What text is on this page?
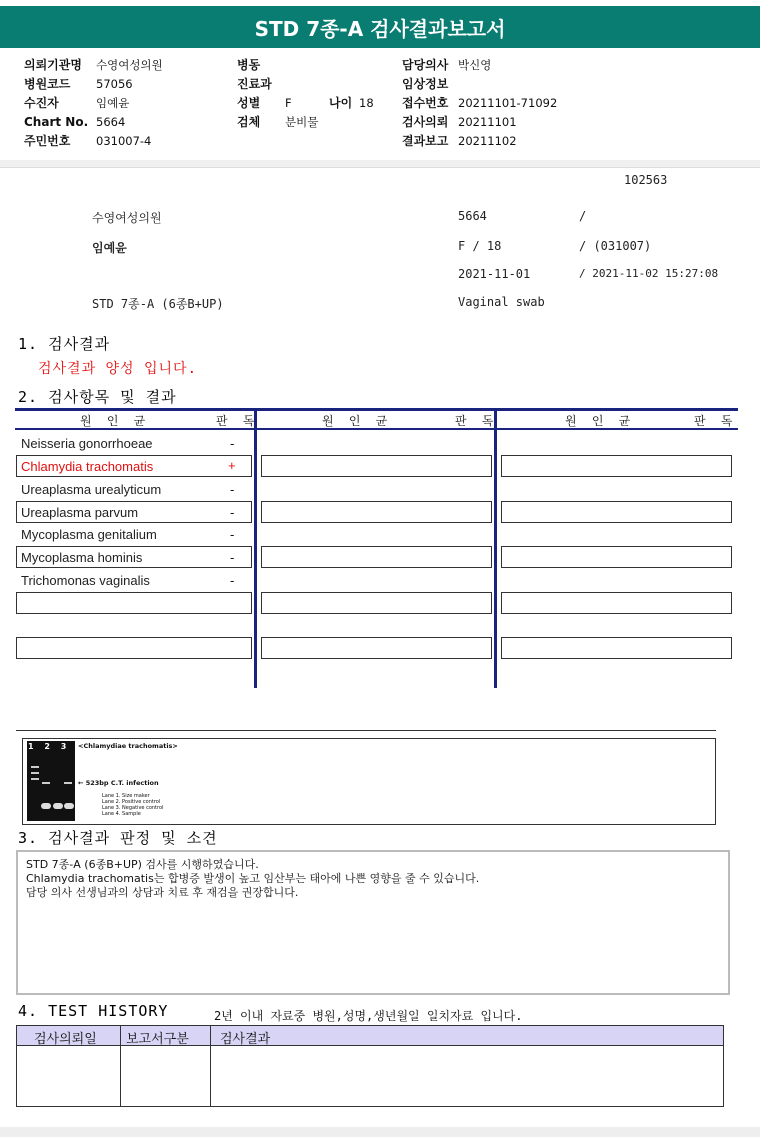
STD 7종-A 검사결과보고서
의뢰기관명 수영여성의원
병원코드 57056
수진자	임예윤
Chart No. 5664
주민번호 031007-4
병동
진료과
성별 F	나이 18
검체 분비물
담당의사 박신영
임상정보
접수번호 20211101-71092
검사의뢰 20211101
결과보고 20211102
102563
수영여성의원	5664	/
임예윤	F / 18	/ (031007)
2021-11-01	/ 2021-11-02 15:27:08
STD 7종-A (6종B+UP)	Vaginal swab
1. 검사결과
검사결과 양성 입니다.
2. 검사항목 및 결과
원 인 균	판 독	원 인 균	판 독	원 인 균	판 독
Neisseria gonorrhoeae	-
Chlamydia trachomatis	+
Ureaplasma urealyticum	-
Ureaplasma parvum	-
Mycoplasma genitalium	-
Mycoplasma hominis	-
Trichomonas vaginalis	-
1 2 3 4
<Chlamydiae trachomatis>
← 523bp C.T. infection
Lane 1. Size maker
Lane 2. Positive control
Lane 3. Negative control
Lane 4. Sample
3. 검사결과 판정 및 소견
STD 7종-A (6종B+UP) 검사를 시행하였습니다.
Chlamydia trachomatis는 합병증 발생이 높고 임산부는 태아에 나쁜 영향을 줄 수 있습니다.
담당 의사 선생님과의 상담과 치료 후 재검을 권장합니다.
4. TEST HISTORY	2년 이내 자료중 병원,성명,생년월일 일치자료 입니다.
검사의뢰일 보고서구분 검사결과
